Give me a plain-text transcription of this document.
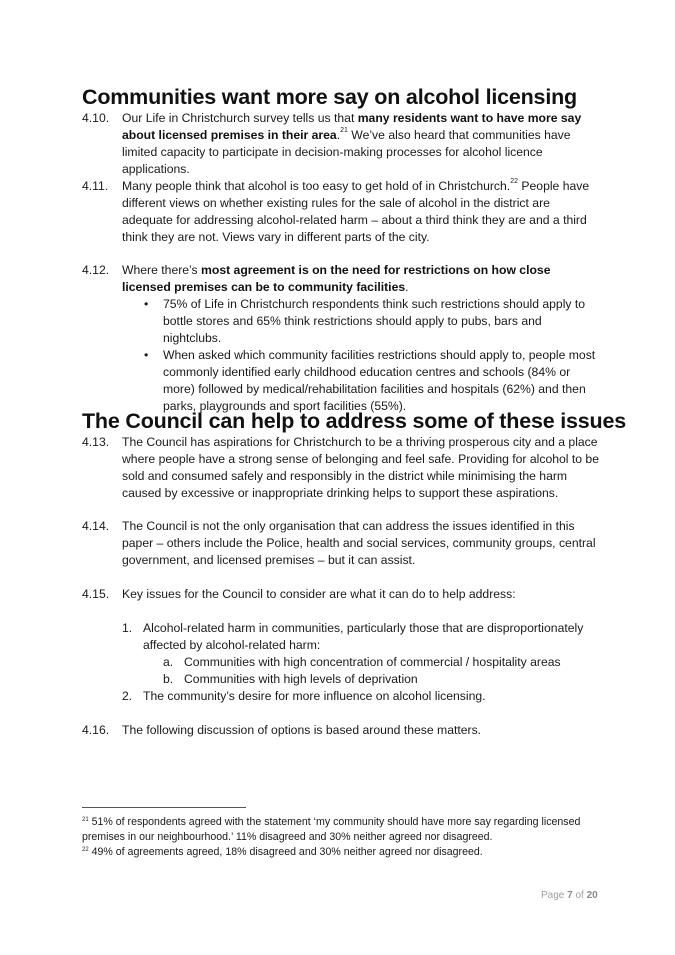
Communities want more say on alcohol licensing
4.10. Our Life in Christchurch survey tells us that many residents want to have more say about licensed premises in their area.$^{21}$ We’ve also heard that communities have limited capacity to participate in decision-making processes for alcohol licence applications.
4.11. Many people think that alcohol is too easy to get hold of in Christchurch.$^{22}$ People have different views on whether existing rules for the sale of alcohol in the district are adequate for addressing alcohol-related harm – about a third think they are and a third think they are not. Views vary in different parts of the city.
4.12. Where there’s most agreement is on the need for restrictions on how close licensed premises can be to community facilities.
• 75% of Life in Christchurch respondents think such restrictions should apply to bottle stores and 65% think restrictions should apply to pubs, bars and nightclubs.
• When asked which community facilities restrictions should apply to, people most commonly identified early childhood education centres and schools (84% or more) followed by medical/rehabilitation facilities and hospitals (62%) and then parks, playgrounds and sport facilities (55%).
The Council can help to address some of these issues
4.13. The Council has aspirations for Christchurch to be a thriving prosperous city and a place where people have a strong sense of belonging and feel safe. Providing for alcohol to be sold and consumed safely and responsibly in the district while minimising the harm caused by excessive or inappropriate drinking helps to support these aspirations.
4.14. The Council is not the only organisation that can address the issues identified in this paper – others include the Police, health and social services, community groups, central government, and licensed premises – but it can assist.
4.15. Key issues for the Council to consider are what it can do to help address:
1. Alcohol-related harm in communities, particularly those that are disproportionately affected by alcohol-related harm:
a. Communities with high concentration of commercial / hospitality areas
b. Communities with high levels of deprivation
2. The community’s desire for more influence on alcohol licensing.
4.16. The following discussion of options is based around these matters.
$^{21}$ 51% of respondents agreed with the statement ‘my community should have more say regarding licensed premises in our neighbourhood.’ 11% disagreed and 30% neither agreed nor disagreed.
$^{22}$ 49% of agreements agreed, 18% disagreed and 30% neither agreed nor disagreed.
Page 7 of 20
